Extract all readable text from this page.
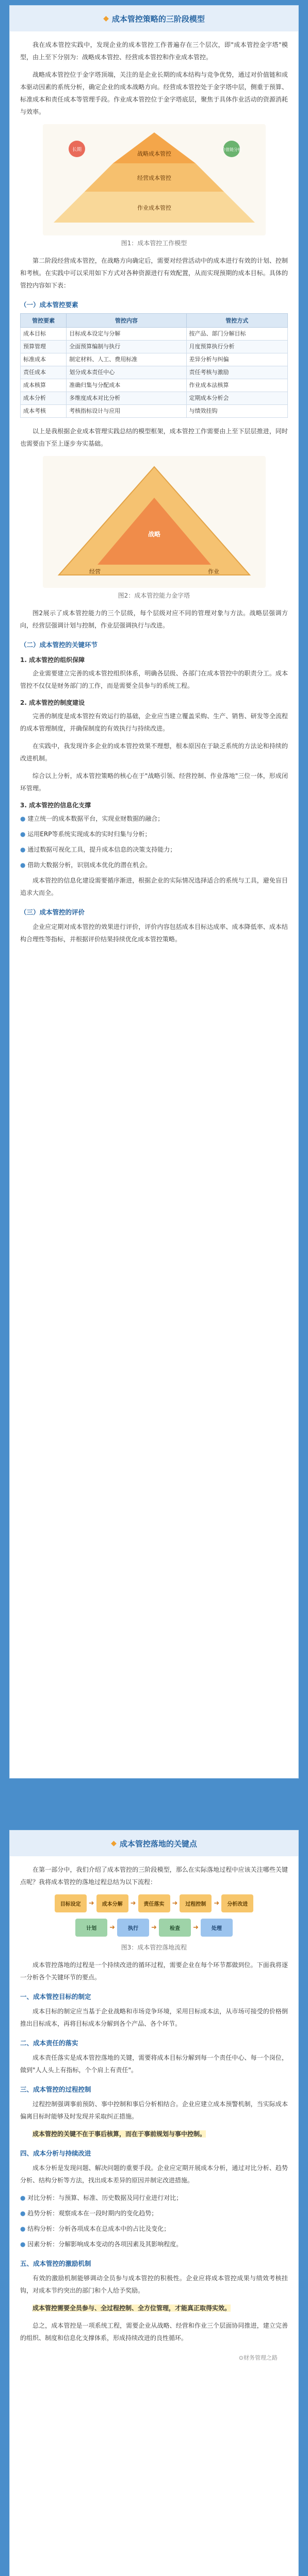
◆ 成本管控策略的三阶段模型

我在成本管控实践中，发现企业的成本管控工作普遍存在三个层次，即"成本管控金字塔"模型，由上至下分别为：战略成本管控、经营成本管控和作业成本管控。

战略成本管控位于金字塔顶端，关注的是企业长期的成本结构与竞争优势，通过对价值链和成本驱动因素的系统分析，确定企业的成本战略方向。经营成本管控处于金字塔中层，侧重于预算、标准成本和责任成本等管理手段。作业成本管控位于金字塔底层，聚焦于具体作业活动的资源消耗与效率。

战略成本管控
经营成本管控
作业成本管控
长期	价值链分析
图1：成本管控工作模型

第二阶段经营成本管控，在战略方向确定后，需要对经营活动中的成本进行有效的计划、控制和考核。在实践中可以采用如下方式对各种资源进行有效配置，从而实现预期的成本目标。具体的管控内容如下表：

（一）成本管控要素
管控要素	管控内容	管控方式
成本目标	目标成本设定与分解	按产品、部门分解目标
预算管理	全面预算编制与执行	月度预算执行分析
标准成本	制定材料、人工、费用标准	差异分析与纠偏
责任成本	划分成本责任中心	责任考核与激励
成本核算	准确归集与分配成本	作业成本法核算
成本分析	多维度成本对比分析	定期成本分析会
成本考核	考核指标设计与应用	与绩效挂钩

以上是我根据企业成本管理实践总结的模型框架，成本管控工作需要由上至下层层推进，同时也需要由下至上逐步夯实基础。

战略
经营	作业
图2：成本管控能力金字塔

图2展示了成本管控能力的三个层级，每个层级对应不同的管理对象与方法。战略层强调方向，经营层强调计划与控制，作业层强调执行与改进。

（二）成本管控的关键环节
1. 成本管控的组织保障

企业需要建立完善的成本管控组织体系，明确各层级、各部门在成本管控中的职责分工。成本管控不仅仅是财务部门的工作，而是需要全员参与的系统工程。

2. 成本管控的制度建设

完善的制度是成本管控有效运行的基础，企业应当建立覆盖采购、生产、销售、研发等全流程的成本管理制度，并确保制度的有效执行与持续改进。

在实践中，我发现许多企业的成本管控效果不理想，根本原因在于缺乏系统的方法论和持续的改进机制。

综合以上分析，成本管控策略的核心在于"战略引领、经营控制、作业落地"三位一体，形成闭环管理。

3. 成本管控的信息化支撑
● 建立统一的成本数据平台，实现业财数据的融合；
● 运用ERP等系统实现成本的实时归集与分析；
● 通过数据可视化工具，提升成本信息的决策支持能力；
● 借助大数据分析，识别成本优化的潜在机会。

成本管控的信息化建设需要循序渐进，根据企业的实际情况选择适合的系统与工具，避免盲目追求大而全。

（三）成本管控的评价

企业应定期对成本管控的效果进行评价，评价内容包括成本目标达成率、成本降低率、成本结构合理性等指标，并根据评价结果持续优化成本管控策略。

◆ 成本管控落地的关键点

在第一部分中，我们介绍了成本管控的三阶段模型，那么在实际落地过程中应该关注哪些关键点呢？我将成本管控的落地过程总结为以下流程：

目标设定	➜	成本分解	➜	责任落实	➜	过程控制	➜	分析改进
计划	➜	执行	➜	检查	➜	处理
图3：成本管控落地流程

成本管控落地的过程是一个持续改进的循环过程，需要企业在每个环节都做到位。下面我将逐一分析各个关键环节的要点。

一、成本管控目标的制定

成本目标的制定应当基于企业战略和市场竞争环境，采用目标成本法，从市场可接受的价格倒推出目标成本，再将目标成本分解到各个产品、各个环节。

二、成本责任的落实

成本责任落实是成本管控落地的关键，需要将成本目标分解到每一个责任中心、每一个岗位，做到"人人头上有指标，个个肩上有责任"。

三、成本管控的过程控制

过程控制强调事前预防、事中控制和事后分析相结合。企业应建立成本预警机制，当实际成本偏离目标时能够及时发现并采取纠正措施。

成本管控的关键不在于事后核算，而在于事前规划与事中控制。

四、成本分析与持续改进

成本分析是发现问题、解决问题的重要手段。企业应定期开展成本分析，通过对比分析、趋势分析、结构分析等方法，找出成本差异的原因并制定改进措施。

● 对比分析：与预算、标准、历史数据及同行业进行对比；
● 趋势分析：观察成本在一段时期内的变化趋势；
● 结构分析：分析各项成本在总成本中的占比及变化；
● 因素分析：分解影响成本变动的各项因素及其影响程度。
五、成本管控的激励机制

有效的激励机制能够调动全员参与成本管控的积极性。企业应将成本管控成果与绩效考核挂钩，对成本节约突出的部门和个人给予奖励。

成本管控需要全员参与、全过程控制、全方位管理，才能真正取得实效。

总之，成本管控是一项系统工程，需要企业从战略、经营和作业三个层面协同推进，建立完善的组织、制度和信息化支撑体系，形成持续改进的良性循环。

⊙财务管理之路
